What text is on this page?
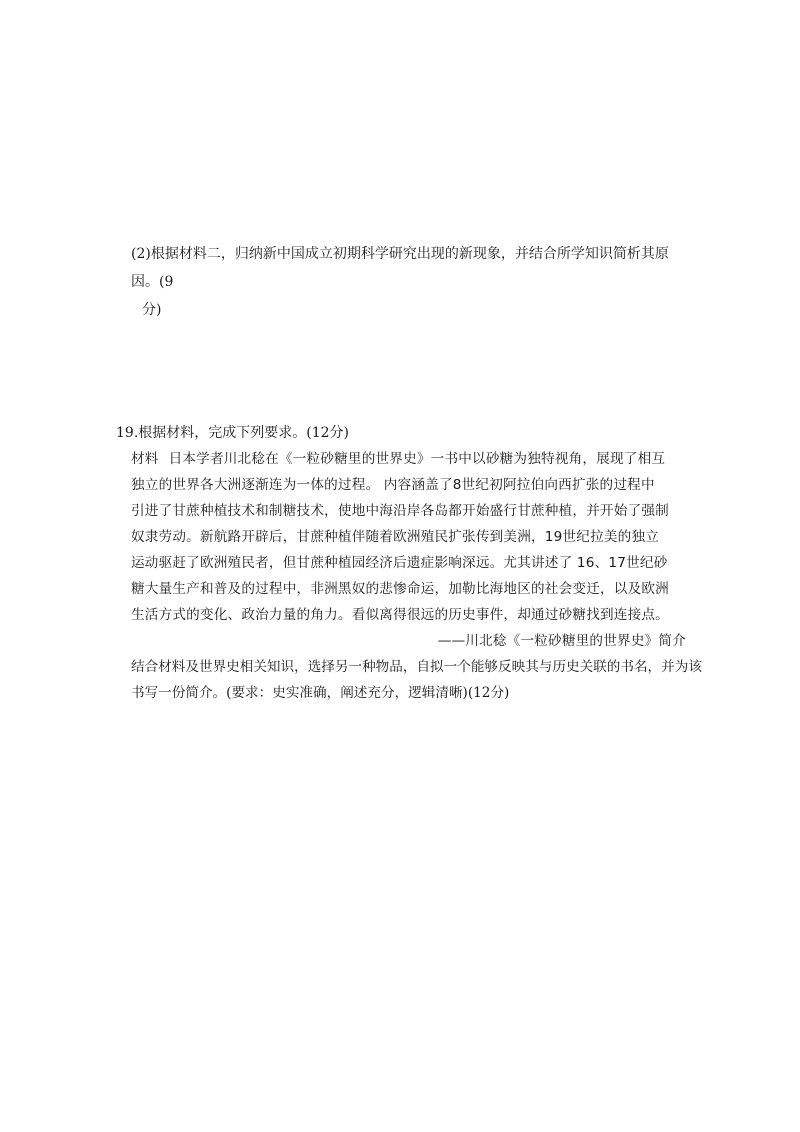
(2)根据材料二，归纳新中国成立初期科学研究出现的新现象，并结合所学知识简析其原因。(9
分)
19.根据材料，完成下列要求。(12分)
材料 日本学者川北稔在《一粒砂糖里的世界史》一书中以砂糖为独特视角，展现了相互
独立的世界各大洲逐渐连为一体的过程。 内容涵盖了8世纪初阿拉伯向西扩张的过程中
引进了甘蔗种植技术和制糖技术，使地中海沿岸各岛都开始盛行甘蔗种植，并开始了强制
奴隶劳动。新航路开辟后，甘蔗种植伴随着欧洲殖民扩张传到美洲，19世纪拉美的独立
运动驱赶了欧洲殖民者，但甘蔗种植园经济后遗症影响深远。尤其讲述了 16、17世纪砂
糖大量生产和普及的过程中，非洲黑奴的悲惨命运，加勒比海地区的社会变迁，以及欧洲
生活方式的变化、政治力量的角力。看似离得很远的历史事件，却通过砂糖找到连接点。
——川北稔《一粒砂糖里的世界史》简介
结合材料及世界史相关知识，选择另一种物品，自拟一个能够反映其与历史关联的书名，并为该
书写一份简介。(要求：史实准确，阐述充分，逻辑清晰)(12分)
